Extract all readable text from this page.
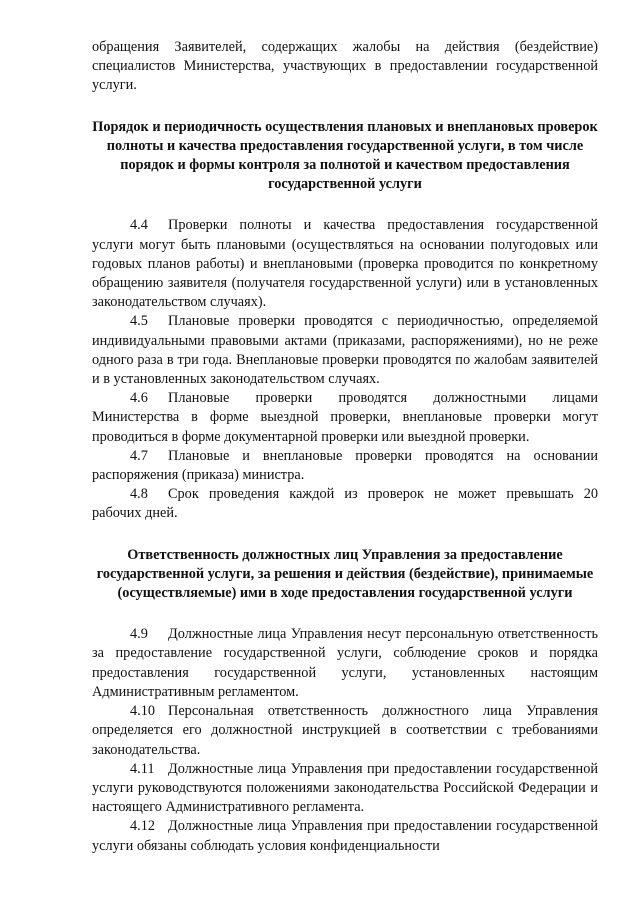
обращения Заявителей, содержащих жалобы на действия (бездействие) специалистов Министерства, участвующих в предоставлении государственной услуги.

Порядок и периодичность осуществления плановых и внеплановых проверок полноты и качества предоставления государственной услуги, в том числе порядок и формы контроля за полнотой и качеством предоставления государственной услуги

4.4 Проверки полноты и качества предоставления государственной услуги могут быть плановыми (осуществляться на основании полугодовых или годовых планов работы) и внеплановыми (проверка проводится по конкретному обращению заявителя (получателя государственной услуги) или в установленных законодательством случаях).

4.5 Плановые проверки проводятся с периодичностью, определяемой индивидуальными правовыми актами (приказами, распоряжениями), но не реже одного раза в три года. Внеплановые проверки проводятся по жалобам заявителей и в установленных законодательством случаях.

4.6 Плановые проверки проводятся должностными лицами Министерства в форме выездной проверки, внеплановые проверки могут проводиться в форме документарной проверки или выездной проверки.

4.7 Плановые и внеплановые проверки проводятся на основании распоряжения (приказа) министра.

4.8 Срок проведения каждой из проверок не может превышать 20 рабочих дней.

Ответственность должностных лиц Управления за предоставление государственной услуги, за решения и действия (бездействие), принимаемые (осуществляемые) ими в ходе предоставления государственной услуги

4.9 Должностные лица Управления несут персональную ответственность за предоставление государственной услуги, соблюдение сроков и порядка предоставления государственной услуги, установленных настоящим Административным регламентом.

4.10 Персональная ответственность должностного лица Управления определяется его должностной инструкцией в соответствии с требованиями законодательства.

4.11 Должностные лица Управления при предоставлении государственной услуги руководствуются положениями законодательства Российской Федерации и настоящего Административного регламента.

4.12 Должностные лица Управления при предоставлении государственной услуги обязаны соблюдать условия конфиденциальности
